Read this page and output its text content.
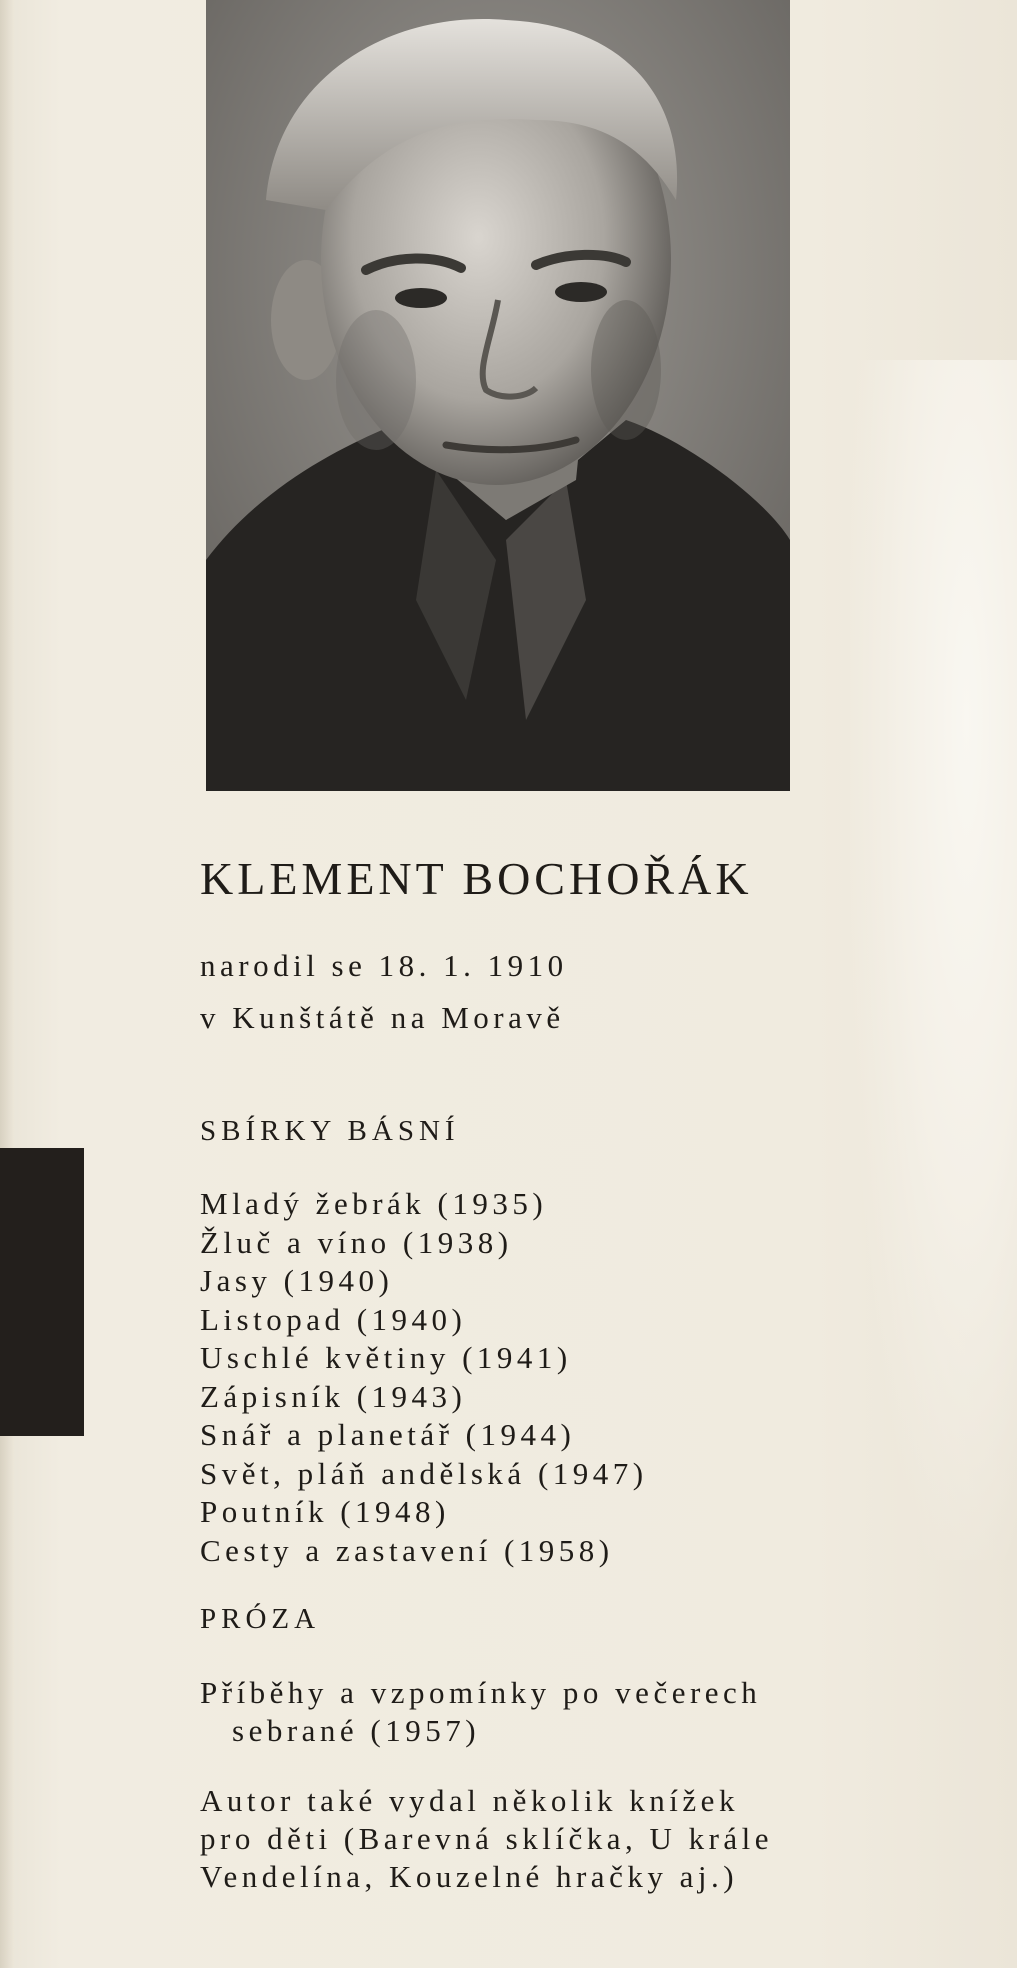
KLEMENT BOCHOŘÁK

narodil se 18. 1. 1910

v Kunštátě na Moravě

SBÍRKY BÁSNÍ
Mladý žebrák (1935)
Žluč a víno (1938)
Jasy (1940)
Listopad (1940)
Uschlé květiny (1941)
Zápisník (1943)
Snář a planetář (1944)
Svět, pláň andělská (1947)
Poutník (1948)
Cesty a zastavení (1958)
PRÓZA

Příběhy a vzpomínky po večerech

sebrané (1957)

Autor také vydal několik knížek

pro děti (Barevná sklíčka, U krále

Vendelína, Kouzelné hračky aj.)
